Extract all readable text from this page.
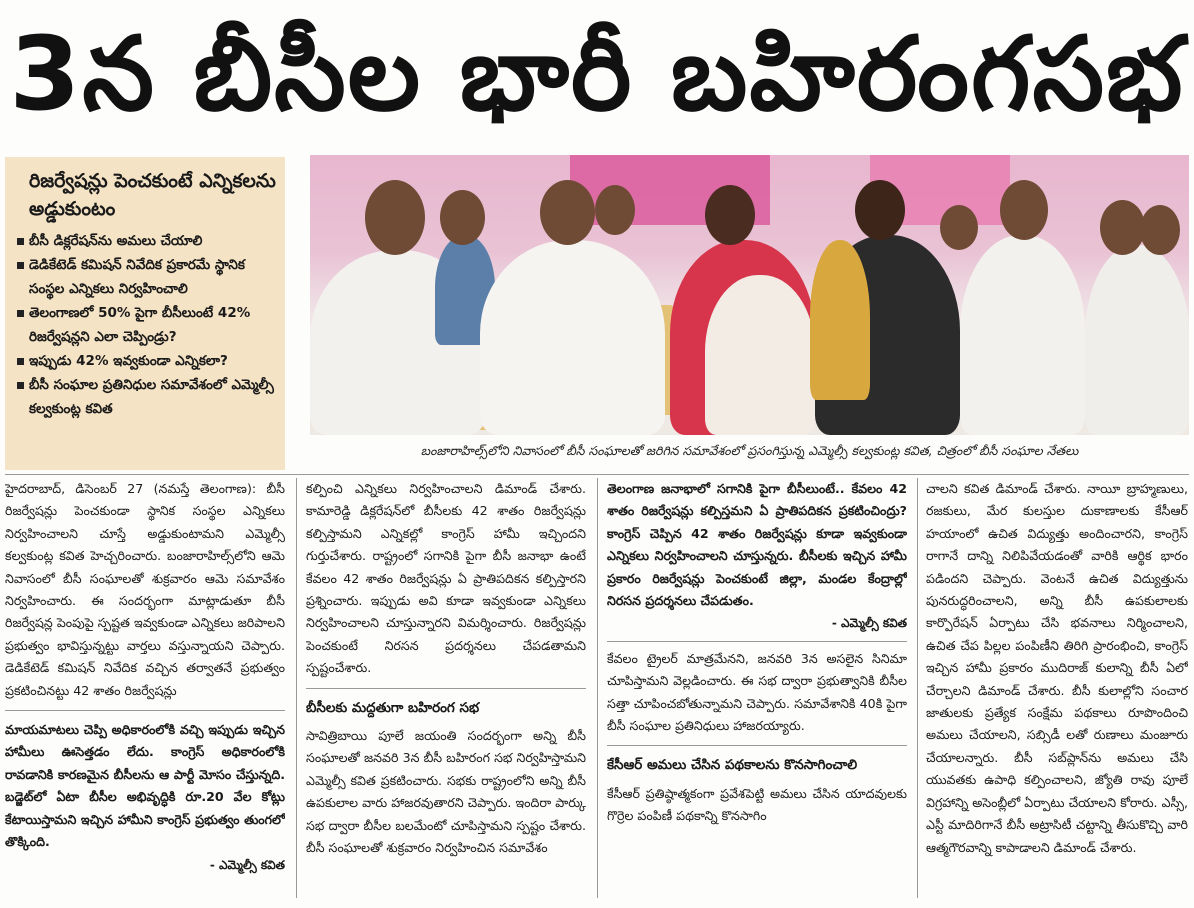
3న బీసీల భారీ బహిరంగసభ
రిజర్వేషన్లు పెంచకుంటే ఎన్నికలను అడ్డుకుంటం
బీసీ డిక్లరేషన్‌ను అమలు చేయాలి
డెడికేటెడ్ కమిషన్ నివేదిక ప్రకారమే స్థానిక సంస్థల ఎన్నికలు నిర్వహించాలి
తెలంగాణలో 50% పైగా బీసీలుంటే 42% రిజర్వేషన్లని ఎలా చెప్పిండ్రు?
ఇప్పుడు 42% ఇవ్వకుండా ఎన్నికలా?
బీసీ సంఘాల ప్రతినిధుల సమావేశంలో ఎమ్మెల్సీ కల్వకుంట్ల కవిత
బంజారాహిల్స్‌లోని నివాసంలో బీసీ సంఘాలతో జరిగిన సమావేశంలో ప్రసంగిస్తున్న ఎమ్మెల్సీ కల్వకుంట్ల కవిత, చిత్రంలో బీసీ సంఘాల నేతలు

హైదరాబాద్, డిసెంబర్ 27 (నమస్తే తెలంగాణ): బీసీ రిజర్వేషన్లు పెంచకుండా స్థానిక సంస్థల ఎన్నికలు నిర్వహించాలని చూస్తే అడ్డుకుంటామని ఎమ్మెల్సీ కల్వకుంట్ల కవిత హెచ్చరించారు. బంజారాహిల్స్‌లోని ఆమె నివాసంలో బీసీ సంఘాలతో శుక్రవారం ఆమె సమావేశం నిర్వహించారు. ఈ సందర్భంగా మాట్లాడుతూ బీసీ రిజర్వేషన్ల పెంపుపై స్పష్టత ఇవ్వకుండా ఎన్నికలు జరిపాలని ప్రభుత్వం భావిస్తున్నట్టు వార్తలు వస్తున్నాయని చెప్పారు. డెడికేటెడ్ కమిషన్ నివేదిక వచ్చిన తర్వాతనే ప్రభుత్వం ప్రకటించినట్టు 42 శాతం రిజర్వేషన్లు

మాయమాటలు చెప్పి అధికారంలోకి వచ్చి ఇప్పుడు ఇచ్చిన హామీలు ఊసెత్తడం లేదు. కాంగ్రెస్ అధికారంలోకి రావడానికి కారణమైన బీసీలను ఆ పార్టీ మోసం చేస్తున్నది. బడ్జెట్‌లో ఏటా బీసీల అభివృద్ధికి రూ.20 వేల కోట్లు కేటాయిస్తామని ఇచ్చిన హామీని కాంగ్రెస్ ప్రభుత్వం తుంగలో తొక్కింది.

- ఎమ్మెల్సీ కవిత

కల్పించి ఎన్నికలు నిర్వహించాలని డిమాండ్ చేశారు. కామారెడ్డి డిక్లరేషన్‌లో బీసీలకు 42 శాతం రిజర్వేషన్లు కల్పిస్తామని ఎన్నికల్లో కాంగ్రెస్ హామీ ఇచ్చిందని గుర్తుచేశారు. రాష్ట్రంలో సగానికి పైగా బీసీ జనాభా ఉంటే కేవలం 42 శాతం రిజర్వేషన్లు ఏ ప్రాతిపదికన కల్పిస్తారని ప్రశ్నించారు. ఇప్పుడు అవి కూడా ఇవ్వకుండా ఎన్నికలు నిర్వహించాలని చూస్తున్నారని విమర్శించారు. రిజర్వేషన్లు పెంచకుంటే నిరసన ప్రదర్శనలు చేపడతామని స్పష్టంచేశారు.

బీసీలకు మద్దతుగా బహిరంగ సభ

సావిత్రిబాయి పూలే జయంతి సందర్భంగా అన్ని బీసీ సంఘాలతో జనవరి 3న బీసీ బహిరంగ సభ నిర్వహిస్తామని ఎమ్మెల్సీ కవిత ప్రకటించారు. సభకు రాష్ట్రంలోని అన్ని బీసీ ఉపకులాల వారు హాజరవుతారని చెప్పారు. ఇందిరా పార్కు సభ ద్వారా బీసీల బలమేంటో చూపిస్తామని స్పష్టం చేశారు. బీసీ సంఘాలతో శుక్రవారం నిర్వహించిన సమావేశం

తెలంగాణ జనాభాలో సగానికి పైగా బీసీలుంటే.. కేవలం 42 శాతం రిజర్వేషన్లు కల్పిస్తమని ఏ ప్రాతిపదికన ప్రకటించింద్రు? కాంగ్రెస్ చెప్పిన 42 శాతం రిజర్వేషన్లు కూడా ఇవ్వకుండా ఎన్నికలు నిర్వహించాలని చూస్తున్నరు. బీసీలకు ఇచ్చిన హామీ ప్రకారం రిజర్వేషన్లు పెంచకుంటే జిల్లా, మండల కేంద్రాల్లో నిరసన ప్రదర్శనలు చేపడుతం.

- ఎమ్మెల్సీ కవిత

కేవలం ట్రైలర్ మాత్రమేనని, జనవరి 3న అసలైన సినిమా చూపిస్తామని వెల్లడించారు. ఈ సభ ద్వారా ప్రభుత్వానికి బీసీల సత్తా చూపించబోతున్నామని చెప్పారు. సమావేశానికి 40కి పైగా బీసీ సంఘాల ప్రతినిధులు హాజరయ్యారు.

కేసీఆర్ అమలు చేసిన పథకాలను కొనసాగించాలి

కేసీఆర్ ప్రతిష్ఠాత్మకంగా ప్రవేశపెట్టి అమలు చేసిన యాదవులకు గొర్రెల పంపిణీ పథకాన్ని కొనసాగిం

చాలని కవిత డిమాండ్ చేశారు. నాయీ బ్రాహ్మణులు, రజకులు, మేర కులస్తుల దుకాణాలకు కేసీఆర్ హయాంలో ఉచిత విద్యుత్తు అందించారని, కాంగ్రెస్ రాగానే దాన్ని నిలిపివేయడంతో వారికి ఆర్థిక భారం పడిందని చెప్పారు. వెంటనే ఉచిత విద్యుత్తును పునరుద్ధరించాలని, అన్ని బీసీ ఉపకులాలకు కార్పొరేషన్ ఏర్పాటు చేసి భవనాలు నిర్మించాలని, ఉచిత చేప పిల్లల పంపిణీని తిరిగి ప్రారంభించి, కాంగ్రెస్ ఇచ్చిన హామీ ప్రకారం ముదిరాజ్ కులాన్ని బీసీ ఏలో చేర్చాలని డిమాండ్ చేశారు. బీసీ కులాల్లోని సంచార జాతులకు ప్రత్యేక సంక్షేమ పథకాలు రూపొందించి అమలు చేయాలని, సబ్సిడీ లతో రుణాలు మంజూరు చేయాలన్నారు. బీసీ సబ్‌ప్లాన్‌ను అమలు చేసి యువతకు ఉపాధి కల్పించాలని, జ్యోతి రావు పూలే విగ్రహాన్ని అసెంబ్లీలో ఏర్పాటు చేయాలని కోరారు. ఎస్సీ, ఎస్టీ మాదిరిగానే బీసీ అట్రాసిటీ చట్టాన్ని తీసుకొచ్చి వారి ఆత్మగౌరవాన్ని కాపాడాలని డిమాండ్ చేశారు.
